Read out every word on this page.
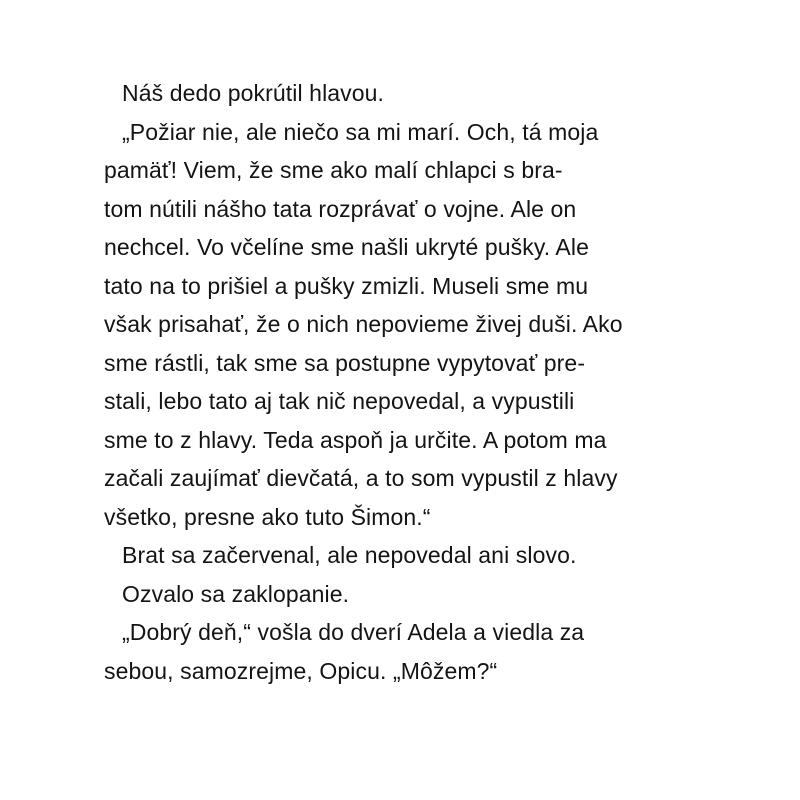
Náš dedo pokrútil hlavou.
„Požiar nie, ale niečo sa mi marí. Och, tá moja
pamäť! Viem, že sme ako malí chlapci s bra-
tom nútili nášho tata rozprávať o vojne. Ale on
nechcel. Vo včelíne sme našli ukryté pušky. Ale
tato na to prišiel a pušky zmizli. Museli sme mu
však prisahať, že o nich nepovieme živej duši. Ako
sme rástli, tak sme sa postupne vypytovať pre-
stali, lebo tato aj tak nič nepovedal, a vypustili
sme to z hlavy. Teda aspoň ja určite. A potom ma
začali zaujímať dievčatá, a to som vypustil z hlavy
všetko, presne ako tuto Šimon.“
Brat sa začervenal, ale nepovedal ani slovo.
Ozvalo sa zaklopanie.
„Dobrý deň,“ vošla do dverí Adela a viedla za
sebou, samozrejme, Opicu. „Môžem?“
